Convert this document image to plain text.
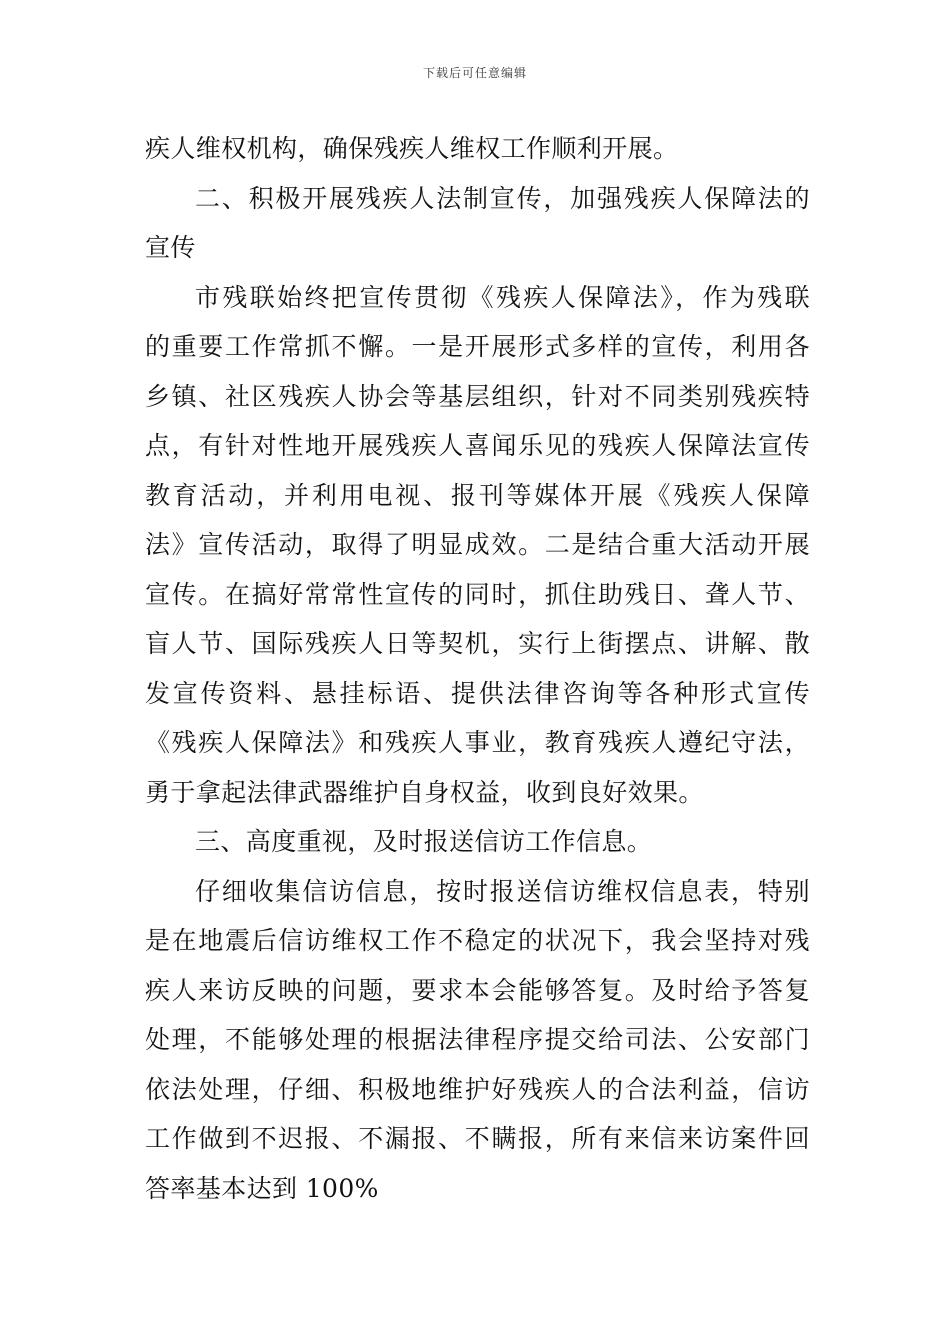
下载后可任意编辑
疾人维权机构，确保残疾人维权工作顺利开展。
二、积极开展残疾人法制宣传，加强残疾人保障法的
宣传
市残联始终把宣传贯彻《残疾人保障法》，作为残联
的重要工作常抓不懈。一是开展形式多样的宣传，利用各
乡镇、社区残疾人协会等基层组织，针对不同类别残疾特
点，有针对性地开展残疾人喜闻乐见的残疾人保障法宣传
教育活动，并利用电视、报刊等媒体开展《残疾人保障
法》宣传活动，取得了明显成效。二是结合重大活动开展
宣传。在搞好常常性宣传的同时，抓住助残日、聋人节、
盲人节、国际残疾人日等契机，实行上街摆点、讲解、散
发宣传资料、悬挂标语、提供法律咨询等各种形式宣传
《残疾人保障法》和残疾人事业，教育残疾人遵纪守法，
勇于拿起法律武器维护自身权益，收到良好效果。
三、高度重视，及时报送信访工作信息。
仔细收集信访信息，按时报送信访维权信息表，特别
是在地震后信访维权工作不稳定的状况下，我会坚持对残
疾人来访反映的问题，要求本会能够答复。及时给予答复
处理，不能够处理的根据法律程序提交给司法、公安部门
依法处理，仔细、积极地维护好残疾人的合法利益，信访
工作做到不迟报、不漏报、不瞒报，所有来信来访案件回
答率基本达到 100%
